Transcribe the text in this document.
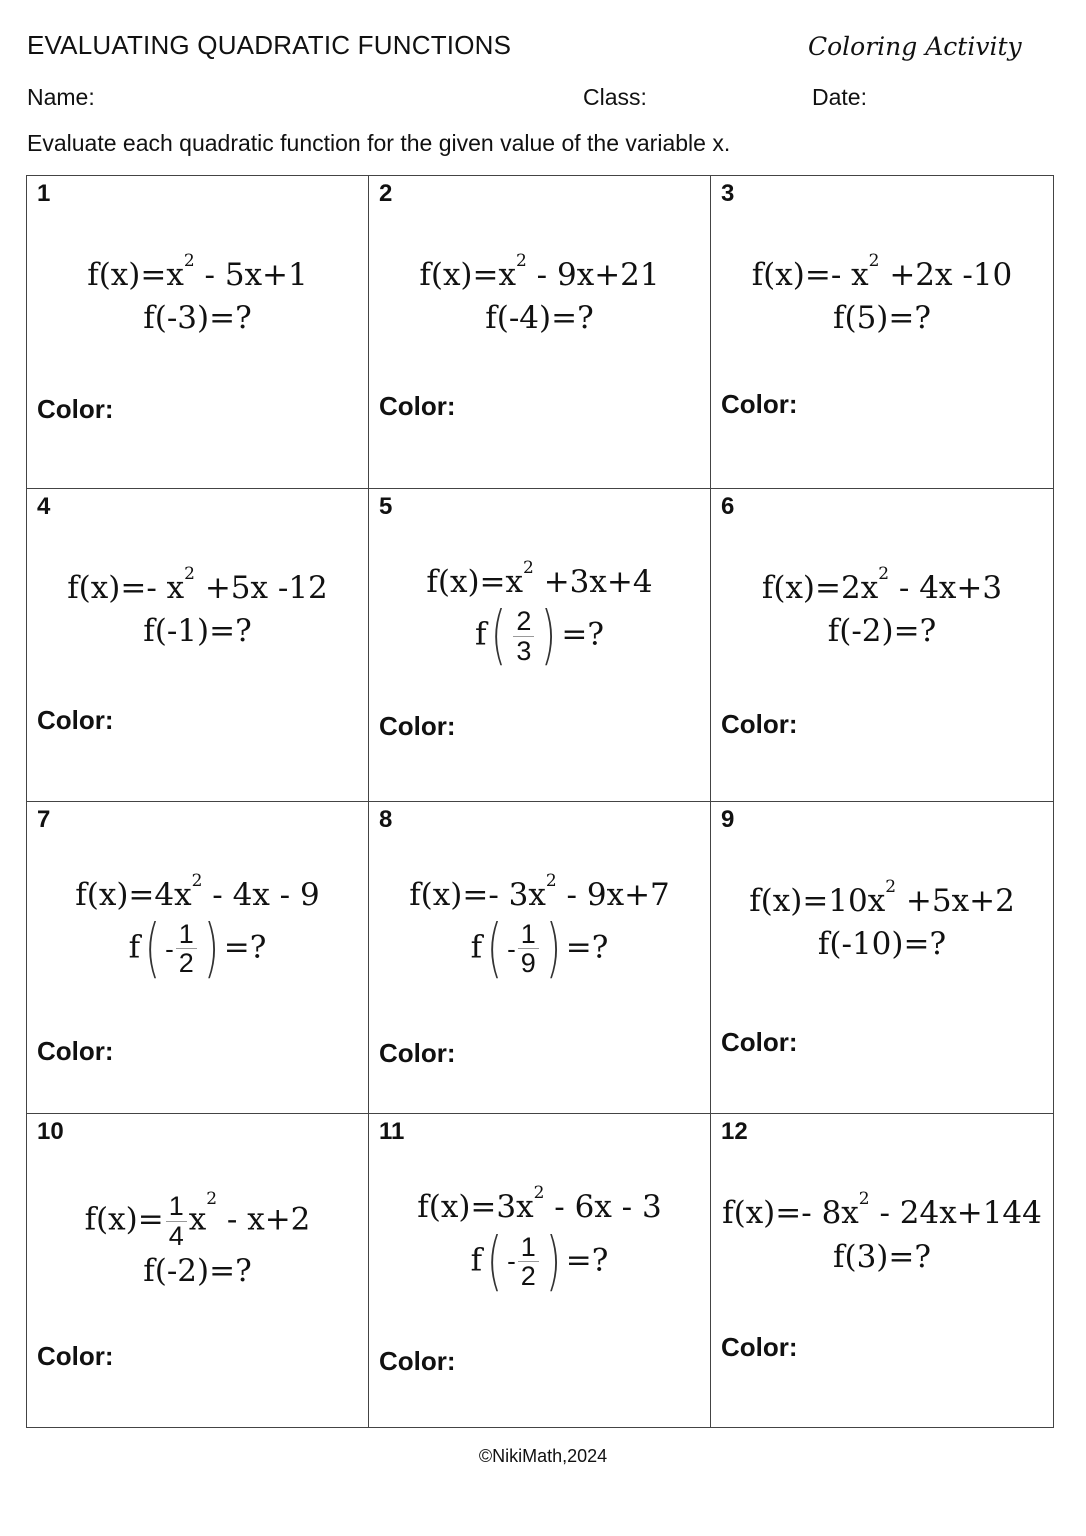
EVALUATING QUADRATIC FUNCTIONS	Coloring Activity
Name:	Class:	Date:
Evaluate each quadratic function for the given value of the variable x.
1
$f(x)=x^2 - 5x+1$
f(-3)=?
Color:
2
$f(x)=x^2 - 9x+21$
f(-4)=?
Color:
3
f(x)=- $x^2 +2x$ -10
f(5)=?
Color:
4
f(x)=- $x^2 +5x$ -12
f(-1)=?
Color:
5
$f(x)=x^2 +3x+4$
f ( $\frac{2}{3}$ ) =?
Color:
6
$f(x)=2x^2 - 4x+3$
f(-2)=?
Color:
7
$f(x)=4x^2 - 4x - 9$
f ( - $\frac{1}{2}$ ) =?
Color:
8
f(x)=- $3x^2 - 9x+7$
f ( - $\frac{1}{9}$ ) =?
Color:
9
$f(x)=10x^2 +5x+2$
f(-10)=?
Color:
10
$f(x)= \frac{1}{4} x^2 - x+2$
f(-2)=?
Color:
11
$f(x)=3x^2 - 6x - 3$
f ( - $\frac{1}{2}$ ) =?
Color:
12
f(x)=- $8x^2 - 24x+144$
f(3)=?
Color:
©NikiMath,2024
